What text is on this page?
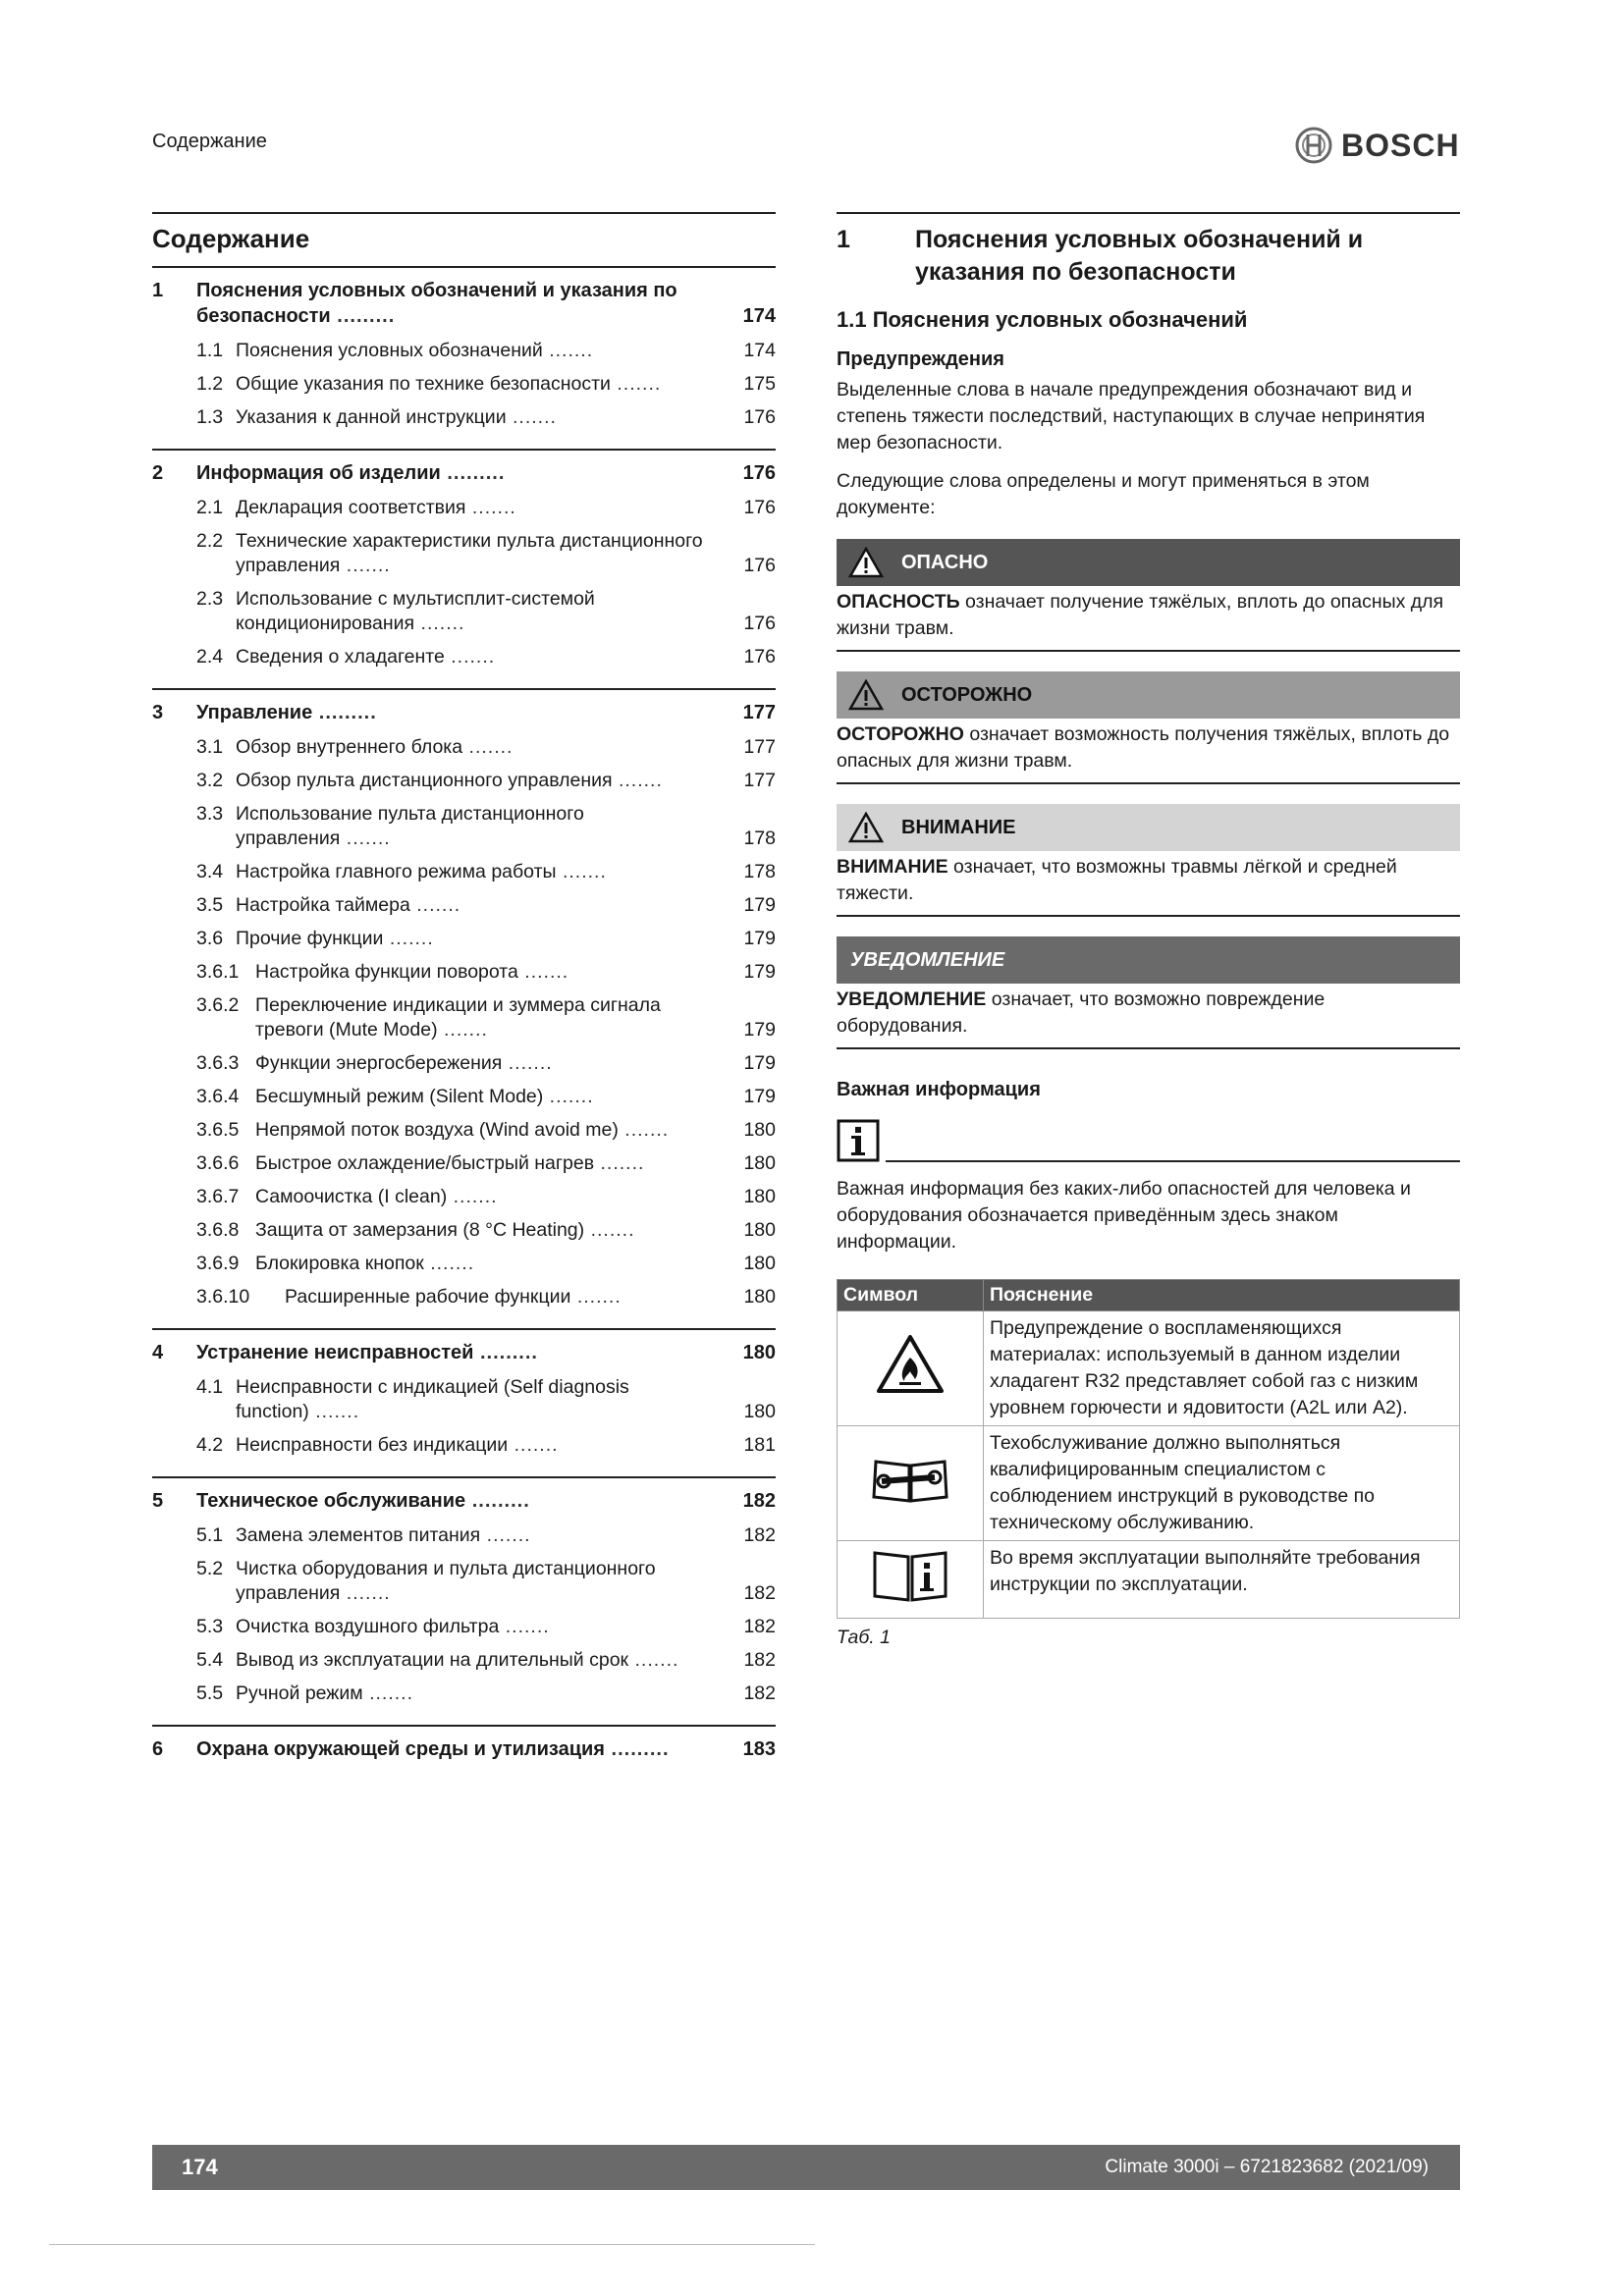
Содержание	BOSCH
Содержание
1	Пояснения условных обозначений и указания по безопасности .........	174
1.1 Пояснения условных обозначений .......	174
1.2 Общие указания по технике безопасности .......	175
1.3 Указания к данной инструкции .......	176
2	Информация об изделии .........	176
2.1 Декларация соответствия .......	176
2.2 Технические характеристики пульта дистанционного управления .......	176
2.3 Использование с мультисплит-системой кондиционирования .......	176
2.4 Сведения о хладагенте .......	176
3	Управление .........	177
3.1 Обзор внутреннего блока .......	177
3.2 Обзор пульта дистанционного управления .......	177
3.3 Использование пульта дистанционного управления .......	178
3.4 Настройка главного режима работы .......	178
3.5 Настройка таймера .......	179
3.6 Прочие функции .......	179
3.6.1 Настройка функции поворота .......	179
3.6.2 Переключение индикации и зуммера сигнала тревоги (Mute Mode) .......	179
3.6.3 Функции энергосбережения .......	179
3.6.4 Бесшумный режим (Silent Mode) .......	179
3.6.5 Непрямой поток воздуха (Wind avoid me) .......	180
3.6.6 Быстрое охлаждение/быстрый нагрев .......	180
3.6.7 Самоочистка (I clean) .......	180
3.6.8 Защита от замерзания (8 °C Heating) .......	180
3.6.9 Блокировка кнопок .......	180
3.6.10	Расширенные рабочие функции .......	180
4	Устранение неисправностей .........	180
4.1 Неисправности с индикацией (Self diagnosis function) .......	180
4.2 Неисправности без индикации .......	181
5	Техническое обслуживание .........	182
5.1 Замена элементов питания .......	182
5.2 Чистка оборудования и пульта дистанционного управления .......	182
5.3 Очистка воздушного фильтра .......	182
5.4 Вывод из эксплуатации на длительный срок .......	182
5.5 Ручной режим .......	182
6	Охрана окружающей среды и утилизация .........	183
1	Пояснения условных обозначений и указания по безопасности
1.1 Пояснения условных обозначений
Предупреждения

Выделенные слова в начале предупреждения обозначают вид и степень тяжести последствий, наступающих в случае непринятия мер безопасности.

Следующие слова определены и могут применяться в этом документе:

ОПАСНО
ОПАСНОСТЬ означает получение тяжёлых, вплоть до опасных для жизни травм.
ОСТОРОЖНО
ОСТОРОЖНО означает возможность получения тяжёлых, вплоть до опасных для жизни травм.
ВНИМАНИЕ
ВНИМАНИЕ означает, что возможны травмы лёгкой и средней тяжести.
УВЕДОМЛЕНИЕ
УВЕДОМЛЕНИЕ означает, что возможно повреждение оборудования.
Важная информация

Важная информация без каких-либо опасностей для человека и оборудования обозначается приведённым здесь знаком информации.

Символ	Пояснение
	Предупреждение о воспламеняющихся материалах: используемый в данном изделии хладагент R32 представляет собой газ с низким уровнем горючести и ядовитости (A2L или A2).
	Техобслуживание должно выполняться квалифицированным специалистом с соблюдением инструкций в руководстве по техническому обслуживанию.
	Во время эксплуатации выполняйте требования инструкции по эксплуатации.
Таб. 1
174	Climate 3000i – 6721823682 (2021/09)
